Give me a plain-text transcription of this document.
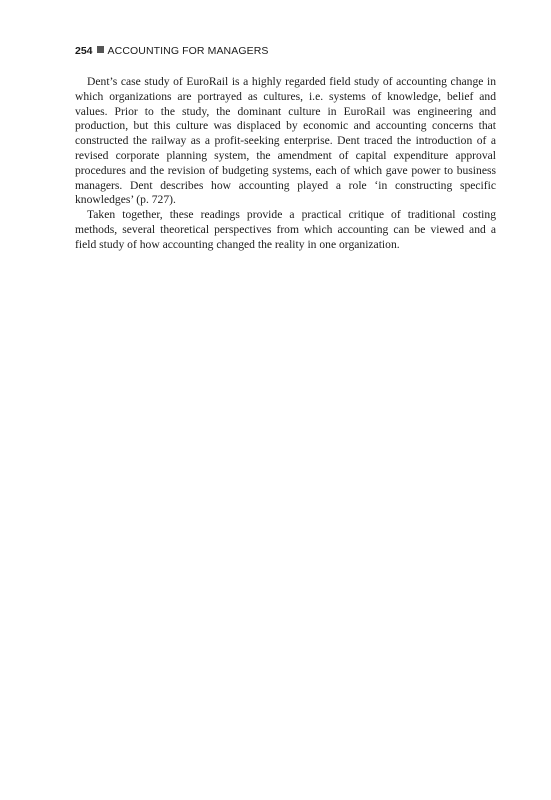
254 ACCOUNTING FOR MANAGERS

Dent’s case study of EuroRail is a highly regarded field study of accounting change in which organizations are portrayed as cultures, i.e. systems of knowledge, belief and values. Prior to the study, the dominant culture in EuroRail was engineering and production, but this culture was displaced by economic and accounting concerns that constructed the railway as a profit-seeking enterprise. Dent traced the introduction of a revised corporate planning system, the amendment of capital expenditure approval procedures and the revision of budgeting systems, each of which gave power to business managers. Dent describes how accounting played a role ‘in constructing specific knowledges’ (p. 727).

Taken together, these readings provide a practical critique of traditional costing methods, several theoretical perspectives from which accounting can be viewed and a field study of how accounting changed the reality in one organization.
